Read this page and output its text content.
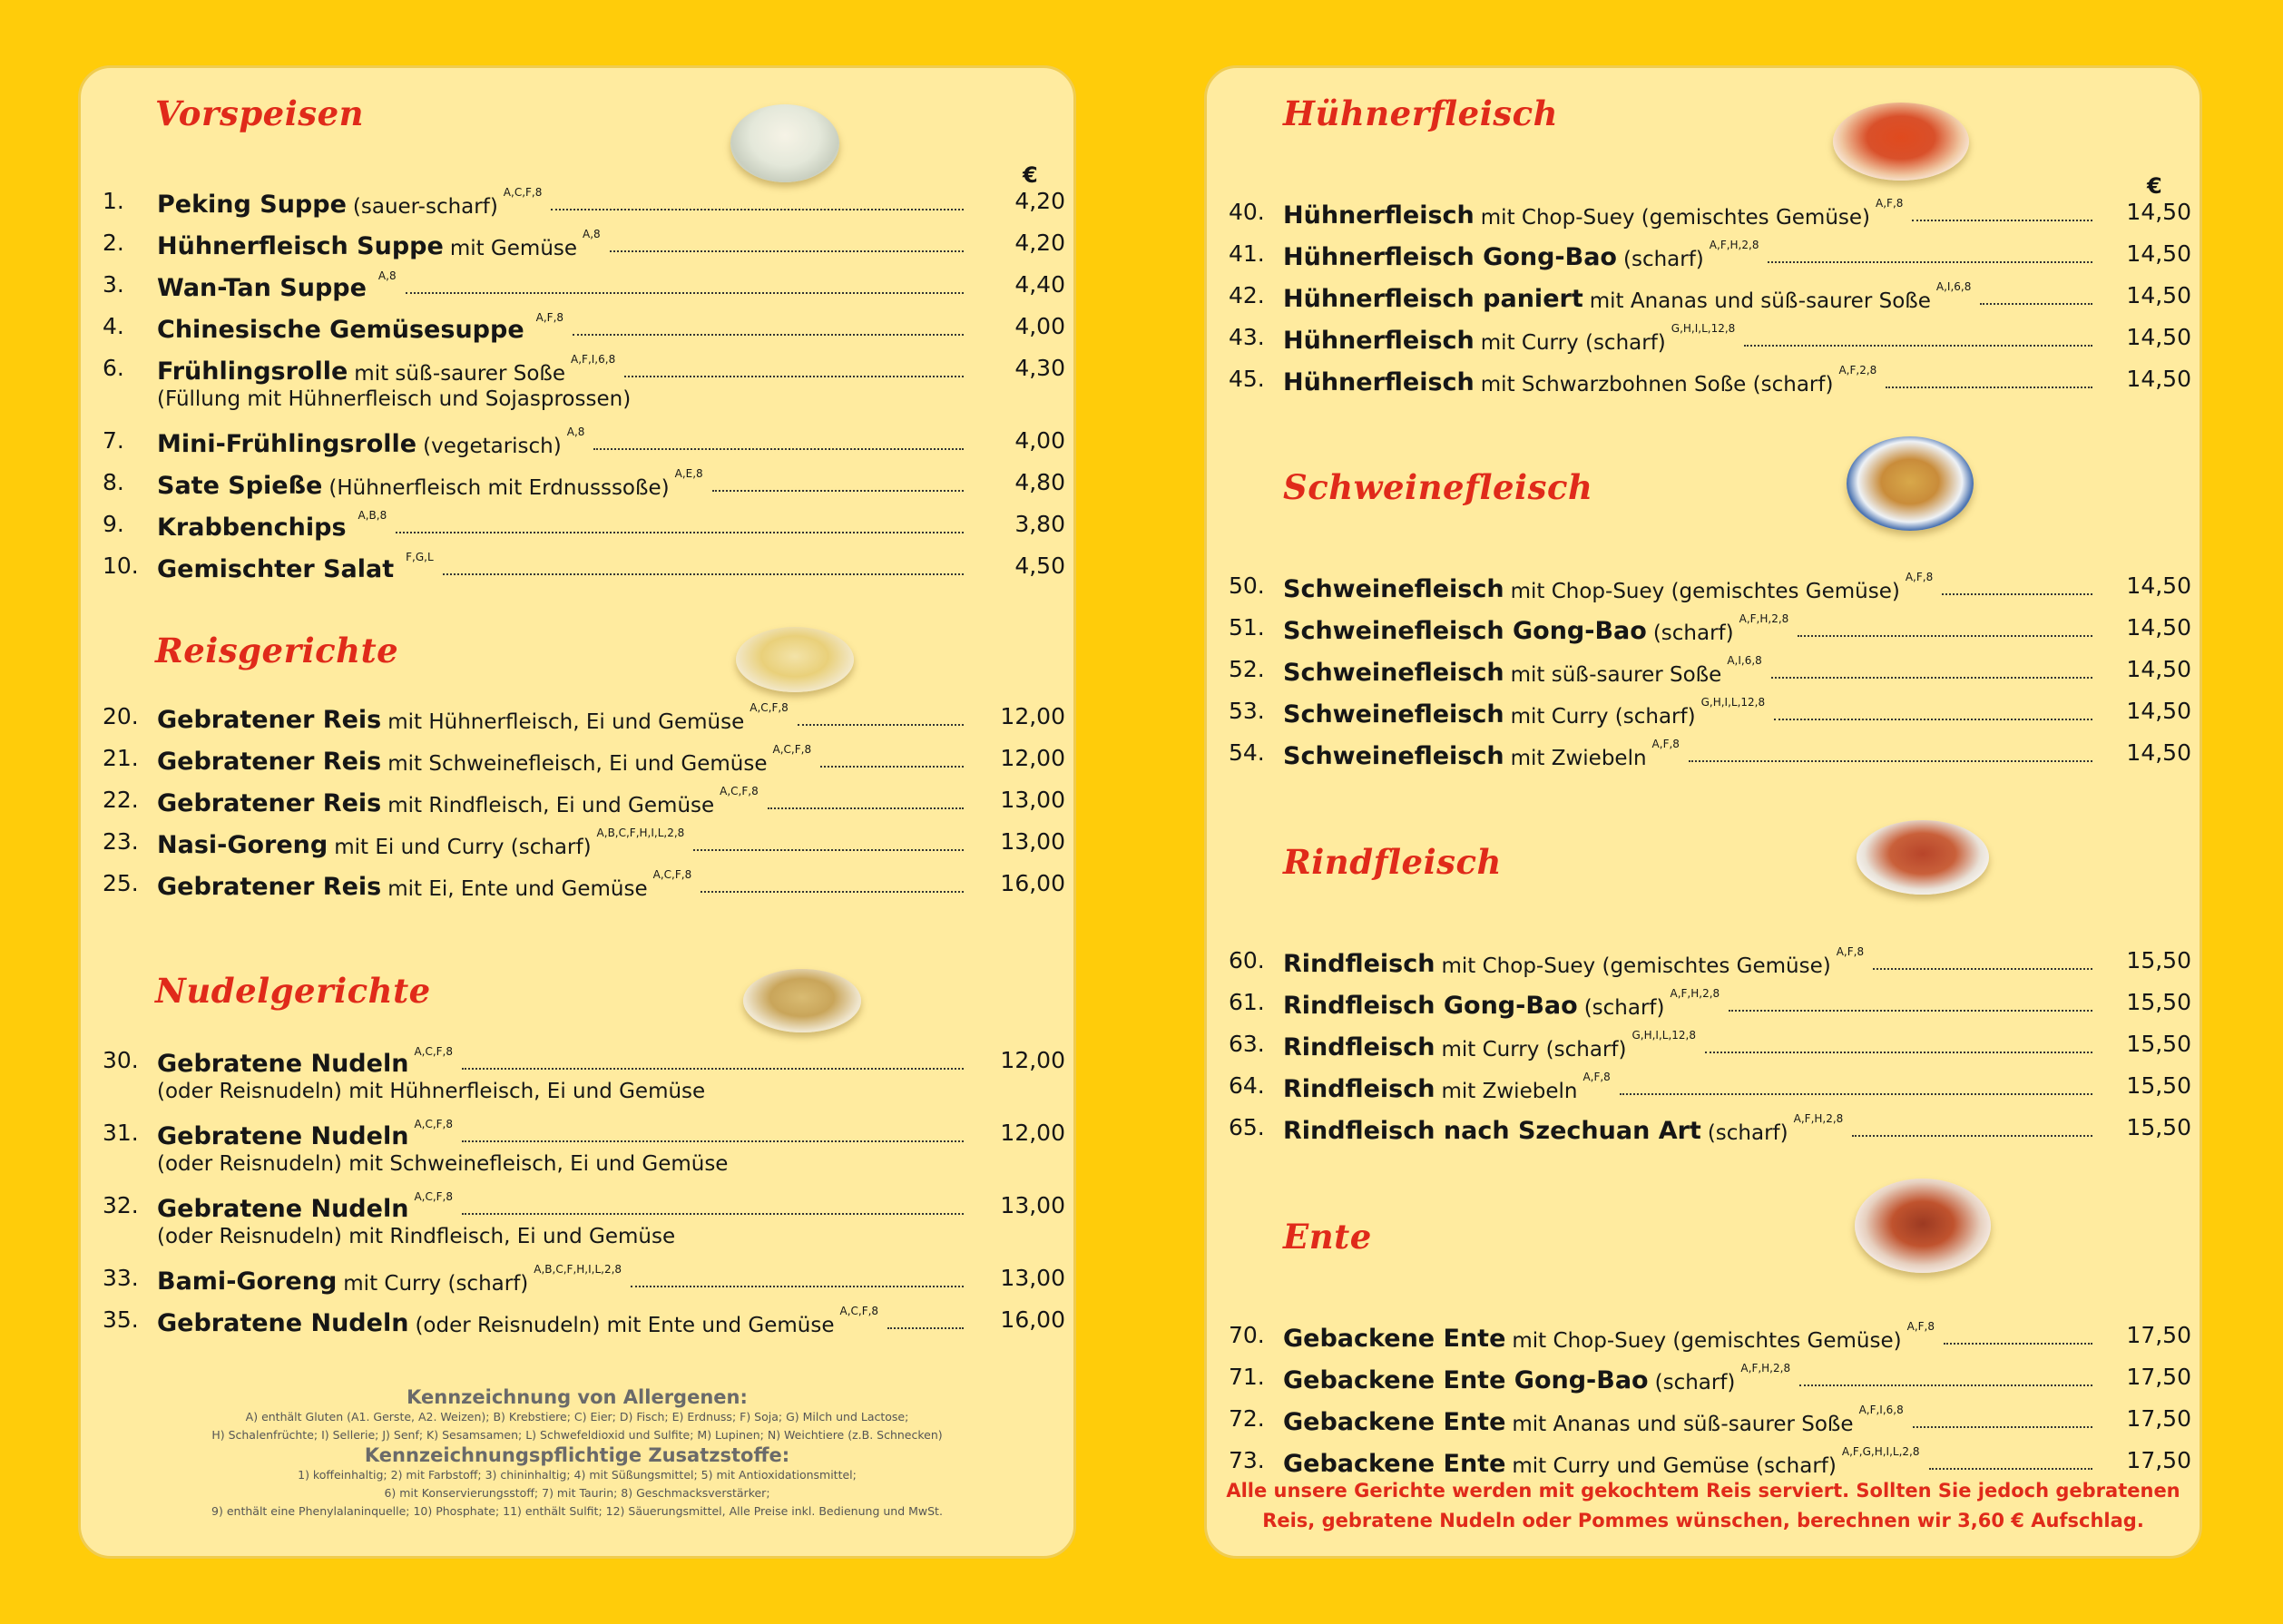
Vorspeisen
€
1. Peking Suppe (sauer-scharf)
A,C,F,8	4,20
2. Hühnerfleisch Suppe mit Gemüse
A,8	4,20
3. Wan-Tan Suppe A,8	4,40
4. Chinesische Gemüsesuppe A,F,8	4,00
6. Frühlingsrolle mit süß-saurer Soße
A,F,I,6,8	4,30
(Füllung mit Hühnerfleisch und Sojasprossen)
7. Mini-Frühlingsrolle (vegetarisch)
A,8	4,00
8. Sate Spieße (Hühnerfleisch mit Erdnusssoße)
A,E,8	4,80
9. Krabbenchips A,B,8	3,80
10. Gemischter Salat F,G,L	4,50
Reisgerichte
20. Gebratener Reis mit Hühnerfleisch, Ei und Gemüse
A,C,F,8	12,00
21. Gebratener Reis mit Schweinefleisch, Ei und Gemüse
A,C,F,8	12,00
22. Gebratener Reis mit Rindfleisch, Ei und Gemüse
A,C,F,8	13,00
23. Nasi-Goreng mit Ei und Curry (scharf)
A,B,C,F,H,I,L,2,8	13,00
25. Gebratener Reis mit Ei, Ente und Gemüse
A,C,F,8	16,00
Nudelgerichte
30. Gebratene Nudeln A,C,F,8	12,00
(oder Reisnudeln) mit Hühnerfleisch, Ei und Gemüse
31. Gebratene Nudeln A,C,F,8	12,00
(oder Reisnudeln) mit Schweinefleisch, Ei und Gemüse
32. Gebratene Nudeln A,C,F,8	13,00
(oder Reisnudeln) mit Rindfleisch, Ei und Gemüse
33. Bami-Goreng mit Curry (scharf)
A,B,C,F,H,I,L,2,8	13,00
35. Gebratene Nudeln (oder Reisnudeln) mit Ente und Gemüse
A,C,F,8	16,00
Kennzeichnung von Allergenen:
A) enthält Gluten (A1. Gerste, A2. Weizen); B) Krebstiere; C) Eier; D) Fisch; E) Erdnuss; F) Soja; G) Milch und Lactose;
H) Schalenfrüchte; I) Sellerie; J) Senf; K) Sesamsamen; L) Schwefeldioxid und Sulfite; M) Lupinen; N) Weichtiere (z.B. Schnecken)
Kennzeichnungspflichtige Zusatzstoffe:
1) koffeinhaltig; 2) mit Farbstoff; 3) chininhaltig; 4) mit Süßungsmittel; 5) mit Antioxidationsmittel;
6) mit Konservierungsstoff; 7) mit Taurin; 8) Geschmacksverstärker;
9) enthält eine Phenylalaninquelle; 10) Phosphate; 11) enthält Sulfit; 12) Säuerungsmittel, Alle Preise inkl. Bedienung und MwSt.
Hühnerfleisch
€
40. Hühnerfleisch mit Chop-Suey (gemischtes Gemüse)
A,F,8	14,50
41. Hühnerfleisch Gong-Bao (scharf)
A,F,H,2,8	14,50
42. Hühnerfleisch paniert mit Ananas und süß-saurer Soße
A,I,6,8	14,50
43. Hühnerfleisch mit Curry (scharf)
G,H,I,L,12,8	14,50
45. Hühnerfleisch mit Schwarzbohnen Soße (scharf)
A,F,2,8	14,50
Schweinefleisch
50. Schweinefleisch mit Chop-Suey (gemischtes Gemüse)
A,F,8	14,50
51. Schweinefleisch Gong-Bao (scharf)
A,F,H,2,8	14,50
52. Schweinefleisch mit süß-saurer Soße
A,I,6,8	14,50
53. Schweinefleisch mit Curry (scharf)
G,H,I,L,12,8	14,50
54. Schweinefleisch mit Zwiebeln
A,F,8	14,50
Rindfleisch
60. Rindfleisch mit Chop-Suey (gemischtes Gemüse)
A,F,8	15,50
61. Rindfleisch Gong-Bao (scharf)
A,F,H,2,8	15,50
63. Rindfleisch mit Curry (scharf)
G,H,I,L,12,8	15,50
64. Rindfleisch mit Zwiebeln
A,F,8	15,50
65. Rindfleisch nach Szechuan Art (scharf)
A,F,H,2,8	15,50
Ente
70. Gebackene Ente mit Chop-Suey (gemischtes Gemüse)
A,F,8	17,50
71. Gebackene Ente Gong-Bao (scharf)
A,F,H,2,8	17,50
72. Gebackene Ente mit Ananas und süß-saurer Soße
A,F,I,6,8	17,50
73. Gebackene Ente mit Curry und Gemüse (scharf)
A,F,G,H,I,L,2,8	17,50
Alle unsere Gerichte werden mit gekochtem Reis serviert. Sollten Sie jedoch gebratenen
Reis, gebratene Nudeln oder Pommes wünschen, berechnen wir 3,60 € Aufschlag.
